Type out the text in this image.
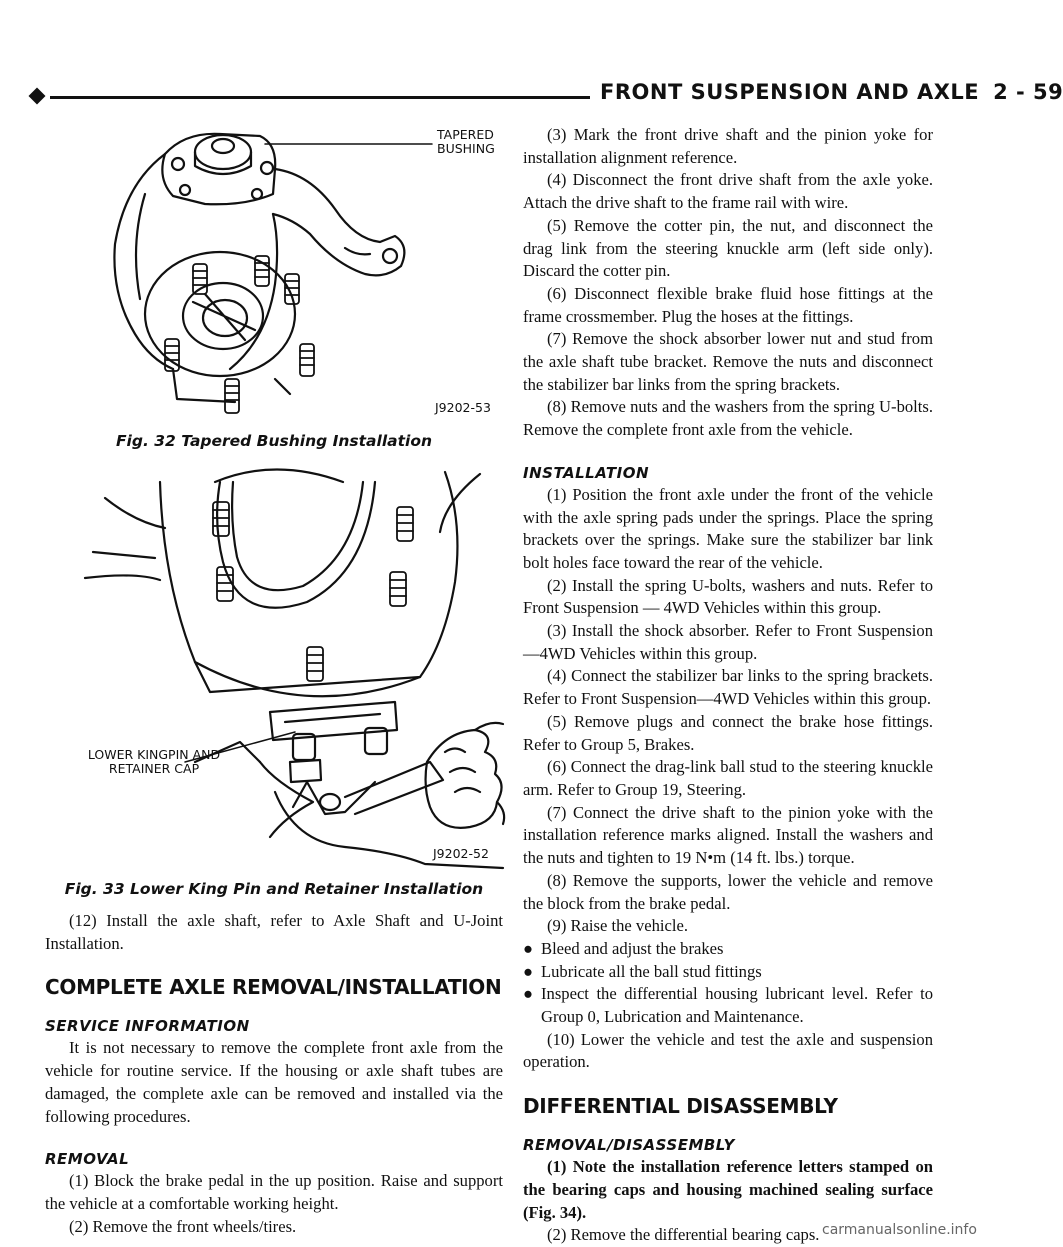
FRONT SUSPENSION AND AXLE 2 - 59
TAPERED BUSHING
J9202-53
Fig. 32 Tapered Bushing Installation
LOWER KINGPIN AND RETAINER CAP
J9202-52
Fig. 33 Lower King Pin and Retainer Installation

(12) Install the axle shaft, refer to Axle Shaft and U-Joint Installation.

COMPLETE AXLE REMOVAL/INSTALLATION
SERVICE INFORMATION

It is not necessary to remove the complete front axle from the vehicle for routine service. If the housing or axle shaft tubes are damaged, the complete axle can be removed and installed via the following procedures.

REMOVAL

(1) Block the brake pedal in the up position. Raise and support the vehicle at a comfortable working height.

(2) Remove the front wheels/tires.

(3) Mark the front drive shaft and the pinion yoke for installation alignment reference.

(4) Disconnect the front drive shaft from the axle yoke. Attach the drive shaft to the frame rail with wire.

(5) Remove the cotter pin, the nut, and disconnect the drag link from the steering knuckle arm (left side only). Discard the cotter pin.

(6) Disconnect flexible brake fluid hose fittings at the frame crossmember. Plug the hoses at the fittings.

(7) Remove the shock absorber lower nut and stud from the axle shaft tube bracket. Remove the nuts and disconnect the stabilizer bar links from the spring brackets.

(8) Remove nuts and the washers from the spring U-bolts. Remove the complete front axle from the vehicle.

INSTALLATION

(1) Position the front axle under the front of the vehicle with the axle spring pads under the springs. Place the spring brackets over the springs. Make sure the stabilizer bar link bolt holes face toward the rear of the vehicle.

(2) Install the spring U-bolts, washers and nuts. Refer to Front Suspension — 4WD Vehicles within this group.

(3) Install the shock absorber. Refer to Front Suspension—4WD Vehicles within this group.

(4) Connect the stabilizer bar links to the spring brackets. Refer to Front Suspension—4WD Vehicles within this group.

(5) Remove plugs and connect the brake hose fittings. Refer to Group 5, Brakes.

(6) Connect the drag-link ball stud to the steering knuckle arm. Refer to Group 19, Steering.

(7) Connect the drive shaft to the pinion yoke with the installation reference marks aligned. Install the washers and the nuts and tighten to 19 N•m (14 ft. lbs.) torque.

(8) Remove the supports, lower the vehicle and remove the block from the brake pedal.

(9) Raise the vehicle.

● Bleed and adjust the brakes

● Lubricate all the ball stud fittings

● Inspect the differential housing lubricant level. Refer to Group 0, Lubrication and Maintenance.

(10) Lower the vehicle and test the axle and suspension operation.

DIFFERENTIAL DISASSEMBLY
REMOVAL/DISASSEMBLY

(1) Note the installation reference letters stamped on the bearing caps and housing machined sealing surface (Fig. 34).

(2) Remove the differential bearing caps. carmanualsonline.info
